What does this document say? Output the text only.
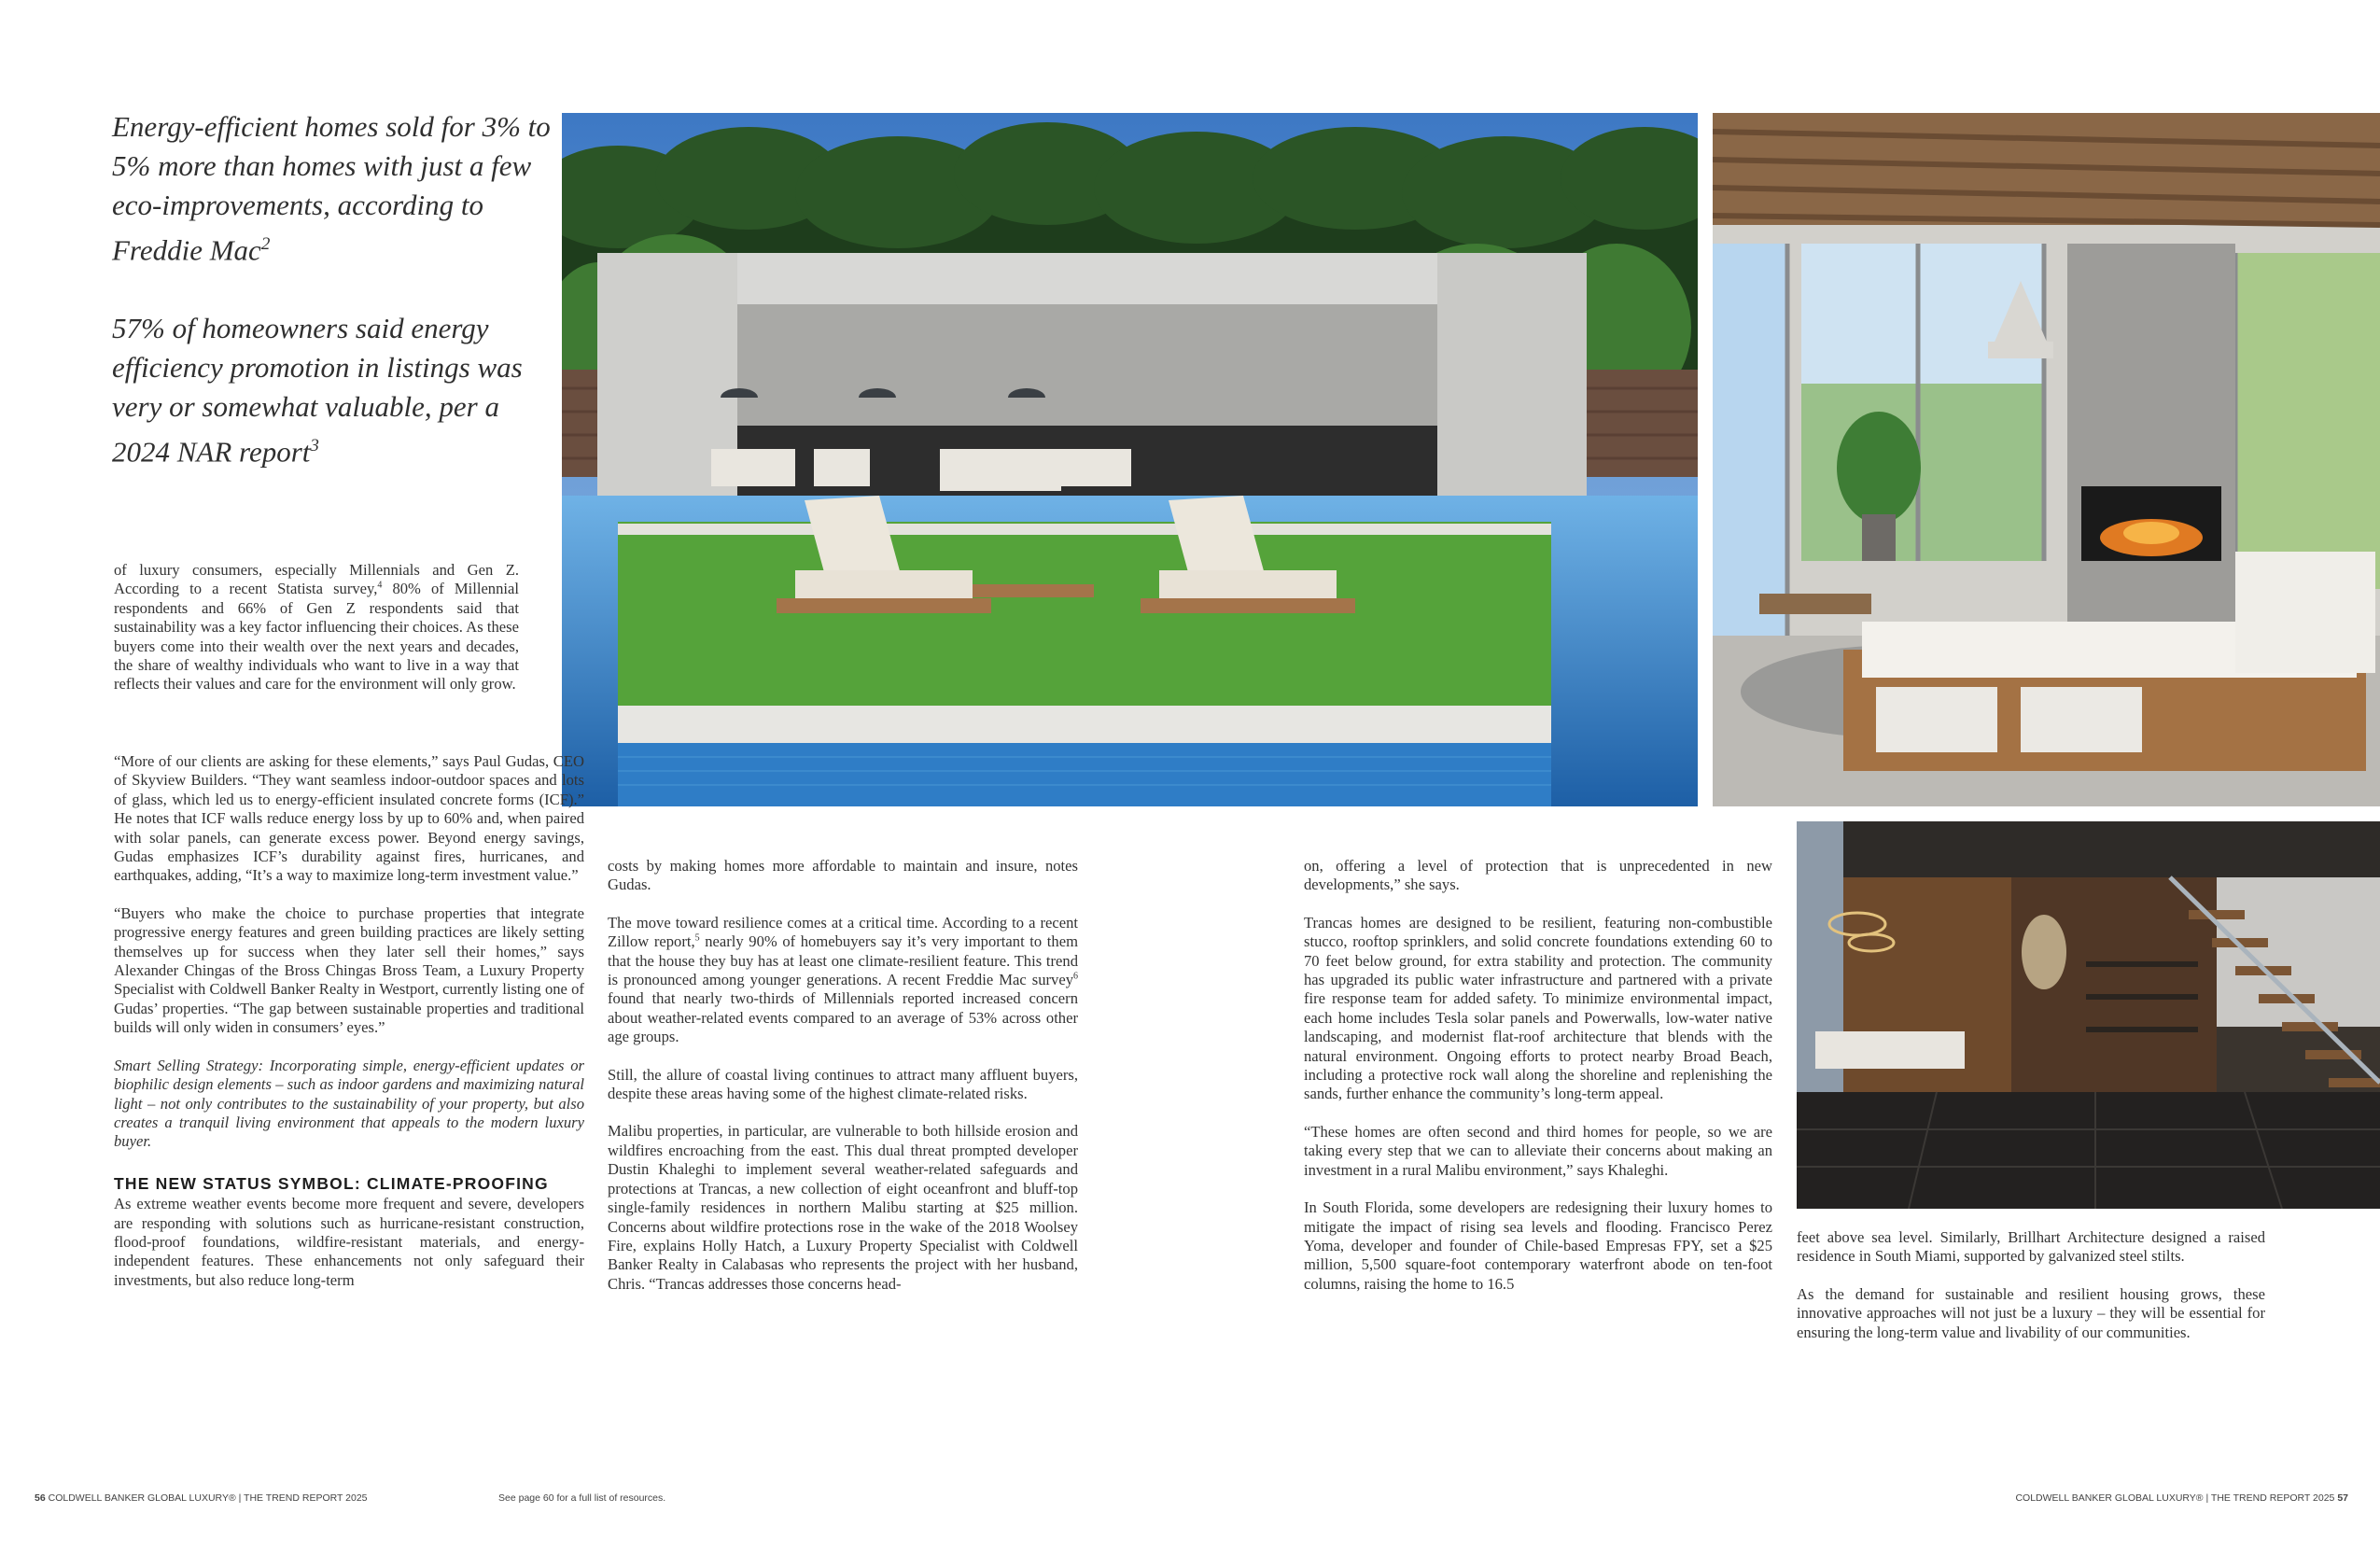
Energy-efficient homes sold for 3% to 5% more than homes with just a few eco-improvements, according to Freddie Mac$^2$

57% of homeowners said energy efficiency promotion in listings was very or somewhat valuable, per a 2024 NAR report$^3$

of luxury consumers, especially Millennials and Gen Z. According to a recent Statista survey,$^4$ 80% of Millennial respondents and 66% of Gen Z respondents said that sustainability was a key factor influencing their choices. As these buyers come into their wealth over the next years and decades, the share of wealthy individuals who want to live in a way that reflects their values and care for the environment will only grow.

“More of our clients are asking for these elements,” says Paul Gudas, CEO of Skyview Builders. “They want seamless indoor-outdoor spaces and lots of glass, which led us to energy-efficient insulated concrete forms (ICF).” He notes that ICF walls reduce energy loss by up to 60% and, when paired with solar panels, can generate excess power. Beyond energy savings, Gudas emphasizes ICF’s durability against fires, hurricanes, and earthquakes, adding, “It’s a way to maximize long-term investment value.”

“Buyers who make the choice to purchase properties that integrate progressive energy features and green building practices are likely setting themselves up for success when they later sell their homes,” says Alexander Chingas of the Bross Chingas Bross Team, a Luxury Property Specialist with Coldwell Banker Realty in Westport, currently listing one of Gudas’ properties. “The gap between sustainable properties and traditional builds will only widen in consumers’ eyes.”

Smart Selling Strategy: Incorporating simple, energy-efficient updates or biophilic design elements – such as indoor gardens and maximizing natural light – not only contributes to the sustainability of your property, but also creates a tranquil living environment that appeals to the modern luxury buyer.

THE NEW STATUS SYMBOL: CLIMATE-PROOFING

As extreme weather events become more frequent and severe, developers are responding with solutions such as hurricane-resistant construction, flood-proof foundations, wildfire-resistant materials, and energy-independent features. These enhancements not only safeguard their investments, but also reduce long-term

costs by making homes more affordable to maintain and insure, notes Gudas.

The move toward resilience comes at a critical time. According to a recent Zillow report,$^5$ nearly 90% of homebuyers say it’s very important to them that the house they buy has at least one climate-resilient feature. This trend is pronounced among younger generations. A recent Freddie Mac survey$^6$ found that nearly two-thirds of Millennials reported increased concern about weather-related events compared to an average of 53% across other age groups.

Still, the allure of coastal living continues to attract many affluent buyers, despite these areas having some of the highest climate-related risks.

Malibu properties, in particular, are vulnerable to both hillside erosion and wildfires encroaching from the east. This dual threat prompted developer Dustin Khaleghi to implement several weather-related safeguards and protections at Trancas, a new collection of eight oceanfront and bluff-top single-family residences in northern Malibu starting at $25 million. Concerns about wildfire protections rose in the wake of the 2018 Woolsey Fire, explains Holly Hatch, a Luxury Property Specialist with Coldwell Banker Realty in Calabasas who represents the project with her husband, Chris. “Trancas addresses those concerns head-

on, offering a level of protection that is unprecedented in new developments,” she says.

Trancas homes are designed to be resilient, featuring non-combustible stucco, rooftop sprinklers, and solid concrete foundations extending 60 to 70 feet below ground, for extra stability and protection. The community has upgraded its public water infrastructure and partnered with a private fire response team for added safety. To minimize environmental impact, each home includes Tesla solar panels and Powerwalls, low-water native landscaping, and modernist flat-roof architecture that blends with the natural environment. Ongoing efforts to protect nearby Broad Beach, including a protective rock wall along the shoreline and replenishing the sands, further enhance the community’s long-term appeal.

“These homes are often second and third homes for people, so we are taking every step that we can to alleviate their concerns about making an investment in a rural Malibu environment,” says Khaleghi.

In South Florida, some developers are redesigning their luxury homes to mitigate the impact of rising sea levels and flooding. Francisco Perez Yoma, developer and founder of Chile-based Empresas FPY, set a $25 million, 5,500 square-foot contemporary waterfront abode on ten-foot columns, raising the home to 16.5

feet above sea level. Similarly, Brillhart Architecture designed a raised residence in South Miami, supported by galvanized steel stilts.

As the demand for sustainable and resilient housing grows, these innovative approaches will not just be a luxury – they will be essential for ensuring the long-term value and livability of our communities.

56 COLDWELL BANKER GLOBAL LUXURY® | THE TREND REPORT 2025	See page 60 for a full list of resources.	COLDWELL BANKER GLOBAL LUXURY® | THE TREND REPORT 2025 57
